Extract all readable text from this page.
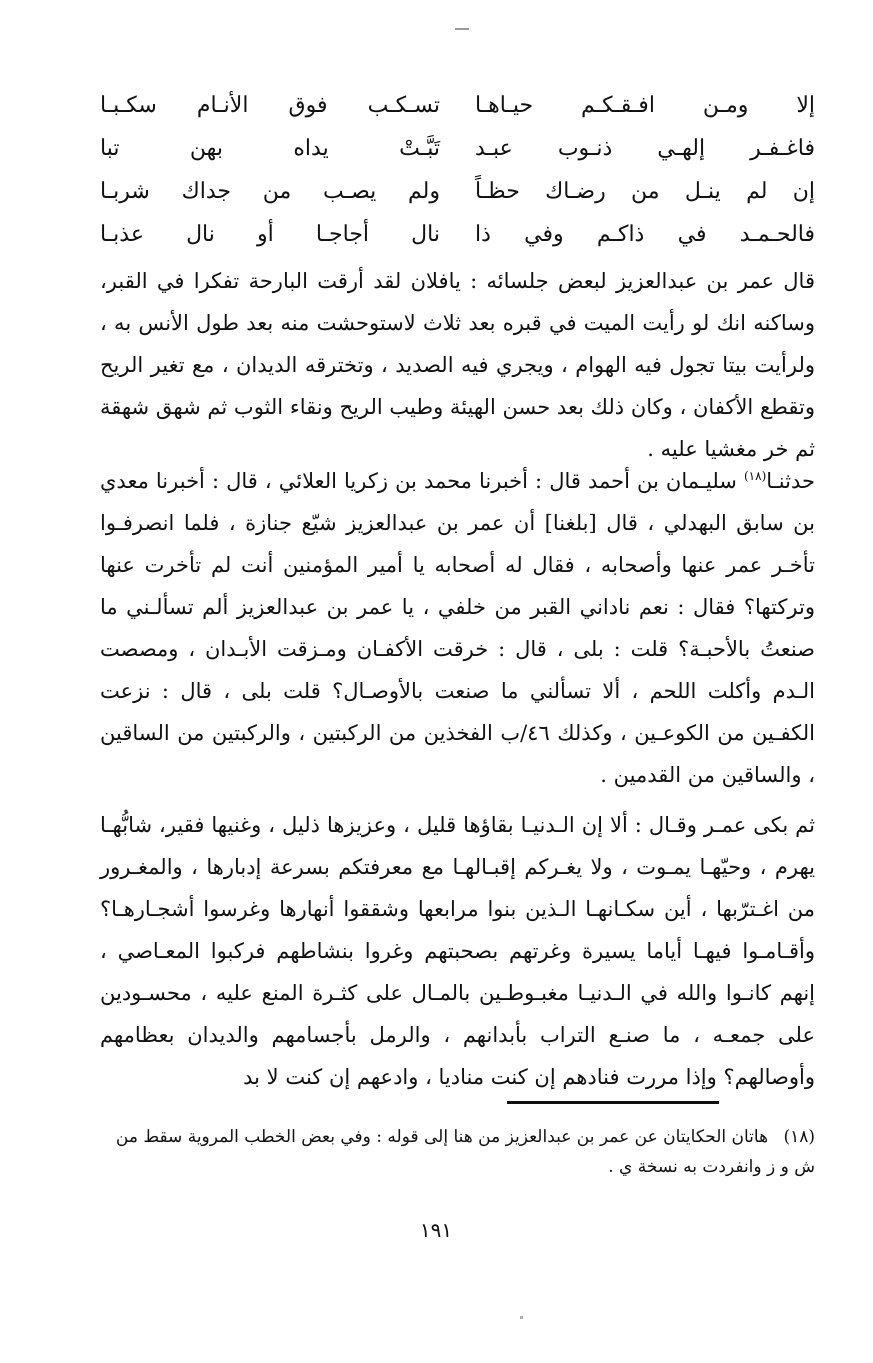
إلا ومـن افـقـكـم حيـاهـا
تسـكـب فوق الأنـام سكـبـا
فاغـفـر إلهـي ذنـوب عبـد
تَبَّـتْ يداه بهن تبا
إن لم ينـل من رضـاك حظـاً
ولم يصـب من جداك شربـا
فالحـمـد في ذاكـم وفي ذا
نال أجاجـا أو نال عذبـا

قال عمر بن عبدالعزيز لبعض جلسائه : يافلان لقد أرقت البارحة تفكرا في القبر، وساكنه انك لو رأيت الميت في قبره بعد ثلاث لاستوحشت منه بعد طول الأنس به ، ولرأيت بيتا تجول فيه الهوام ، ويجري فيه الصديد ، وتخترقه الديدان ، مع تغير الريح وتقطع الأكفان ، وكان ذلك بعد حسن الهيئة وطيب الريح ونقاء الثوب ثم شهق شهقة ثم خر مغشيا عليه .

حدثنـا$^{(١٨)}$ سليـمان بن أحمد قال : أخبرنا محمد بن زكريا العلائي ، قال : أخبرنا معدي بن سابق البهدلي ، قال [بلغنا] أن عمر بن عبدالعزيز شيّع جنازة ، فلما انصرفـوا تأخـر عمر عنها وأصحابه ، فقال له أصحابه يا أمير المؤمنين أنت لم تأخرت عنها وتركتها؟ فقال : نعم ناداني القبر من خلفي ، يا عمر بن عبدالعزيز ألم تسألـني ما صنعتُ بالأحبـة؟ قلت : بلى ، قال : خرقت الأكفـان ومـزقت الأبـدان ، ومصصت الـدم وأكلت اللحم ، ألا تسألني ما صنعت بالأوصـال؟ قلت بلى ، قال : نزعت الكفـين من الكوعـين ، وكذلك ٤٦/ب الفخذين من الركبتين ، والركبتين من الساقين ، والساقين من القدمين .

ثم بكى عمـر وقـال : ألا إن الـدنيـا بقاؤها قليل ، وعزيزها ذليل ، وغنيها فقير، شابُّهـا يهرم ، وحيّهـا يمـوت ، ولا يغـركم إقبـالهـا مع معرفتكم بسرعة إدبارها ، والمغـرور من اغـترّبها ، أين سكـانهـا الـذين بنوا مرابعها وشققوا أنهارها وغرسوا أشجـارهـا؟ وأقـامـوا فيهـا أياما يسيرة وغرتهم بصحبتهم وغروا بنشاطهم فركبوا المعـاصي ، إنهم كانـوا والله في الـدنيـا مغبـوطـين بالمـال على كثـرة المنع عليه ، محسـودين على جمعـه ، ما صنـع التراب بأبدانهم ، والرمل بأجسامهم والديدان بعظامهم وأوصالهم؟ وإذا مررت فنادهم إن كنت مناديا ، وادعهم إن كنت لا بد

(١٨) هاتان الحكايتان عن عمر بن عبدالعزيز من هنا إلى قوله : وفي بعض الخطب المروية سقط من ش و ز وانفردت به نسخة ي .
١٩١
